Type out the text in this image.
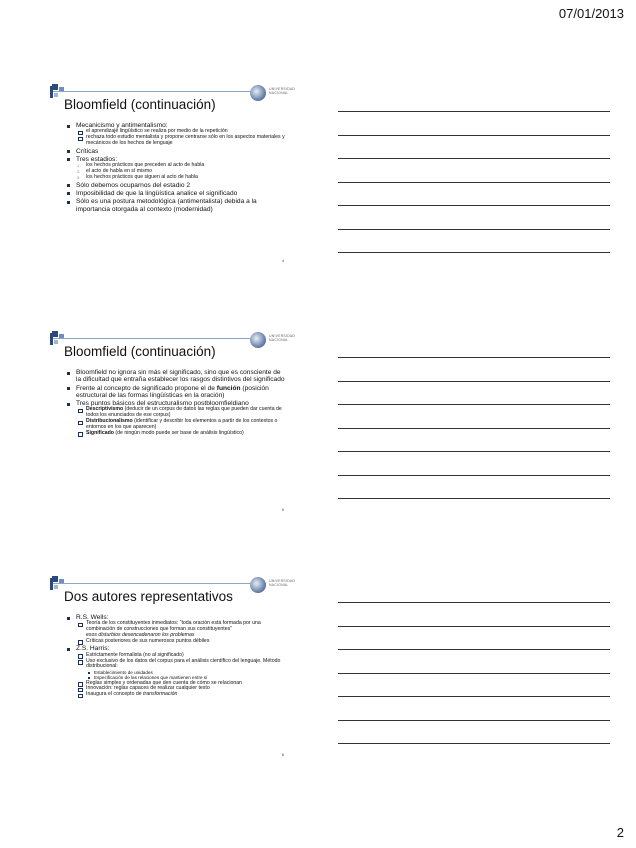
07/01/2013
UNIVERSIDAD
NACIONAL
Bloomfield (continuación)
Mecanicismo y antimentalismo:
el aprendizaje lingüístico se realiza por medio de la repetición
rechaza todo estudio mentalista y propone centrarse sólo en los aspectos materiales y mecánicos de los hechos de lenguaje
Críticas
Tres estadios:
los hechos prácticos que preceden al acto de habla
el acto de habla en sí mismo
los hechos prácticos que siguen al acto de habla
Sólo debemos ocuparnos del estadio 2
Imposibilidad de que la lingüística analice el significado
Sólo es una postura metodológica (antimentalista) debida a la importancia otorgada al contexto (modernidad)
4
UNIVERSIDAD
NACIONAL
Bloomfield (continuación)
Bloomfield no ignora sin más el significado, sino que es consciente de la dificultad que entraña establecer los rasgos distintivos del significado
Frente al concepto de significado propone el de función (posición estructural de las formas lingüísticas en la oración)
Tres puntos básicos del estructuralismo postbloomfieldiano
Descriptivismo (deducir de un corpus de datos las reglas que pueden dar cuenta de todos los enunciados de ese corpus)
Distribucionalismo (identificar y describir los elementos a partir de los contextos o entornos en los que aparecen)
Significado (de ningún modo puede ser base de análisis lingüístico)
5
UNIVERSIDAD
NACIONAL
Dos autores representativos
R.S. Wells:
Teoría de los constituyentes inmediatos: “toda oración está formada por una combinación de construcciones que forman sus constituyentes”
esos disturbios desencadenaron los problemas
Críticas posteriores de sus numerosos puntos débiles
Z.S. Harris:
Estrictamente formalista (no al significado)
Uso exclusivo de los datos del corpus para el análisis científico del lenguaje. Método distribucional:
Establecimiento de unidades
Especificación de las relaciones que mantienen entre sí
Reglas simples y ordenadas que den cuenta de cómo se relacionan
Innovación: reglas capaces de realizar cualquier texto
Inaugura el concepto de transformación
6
2
